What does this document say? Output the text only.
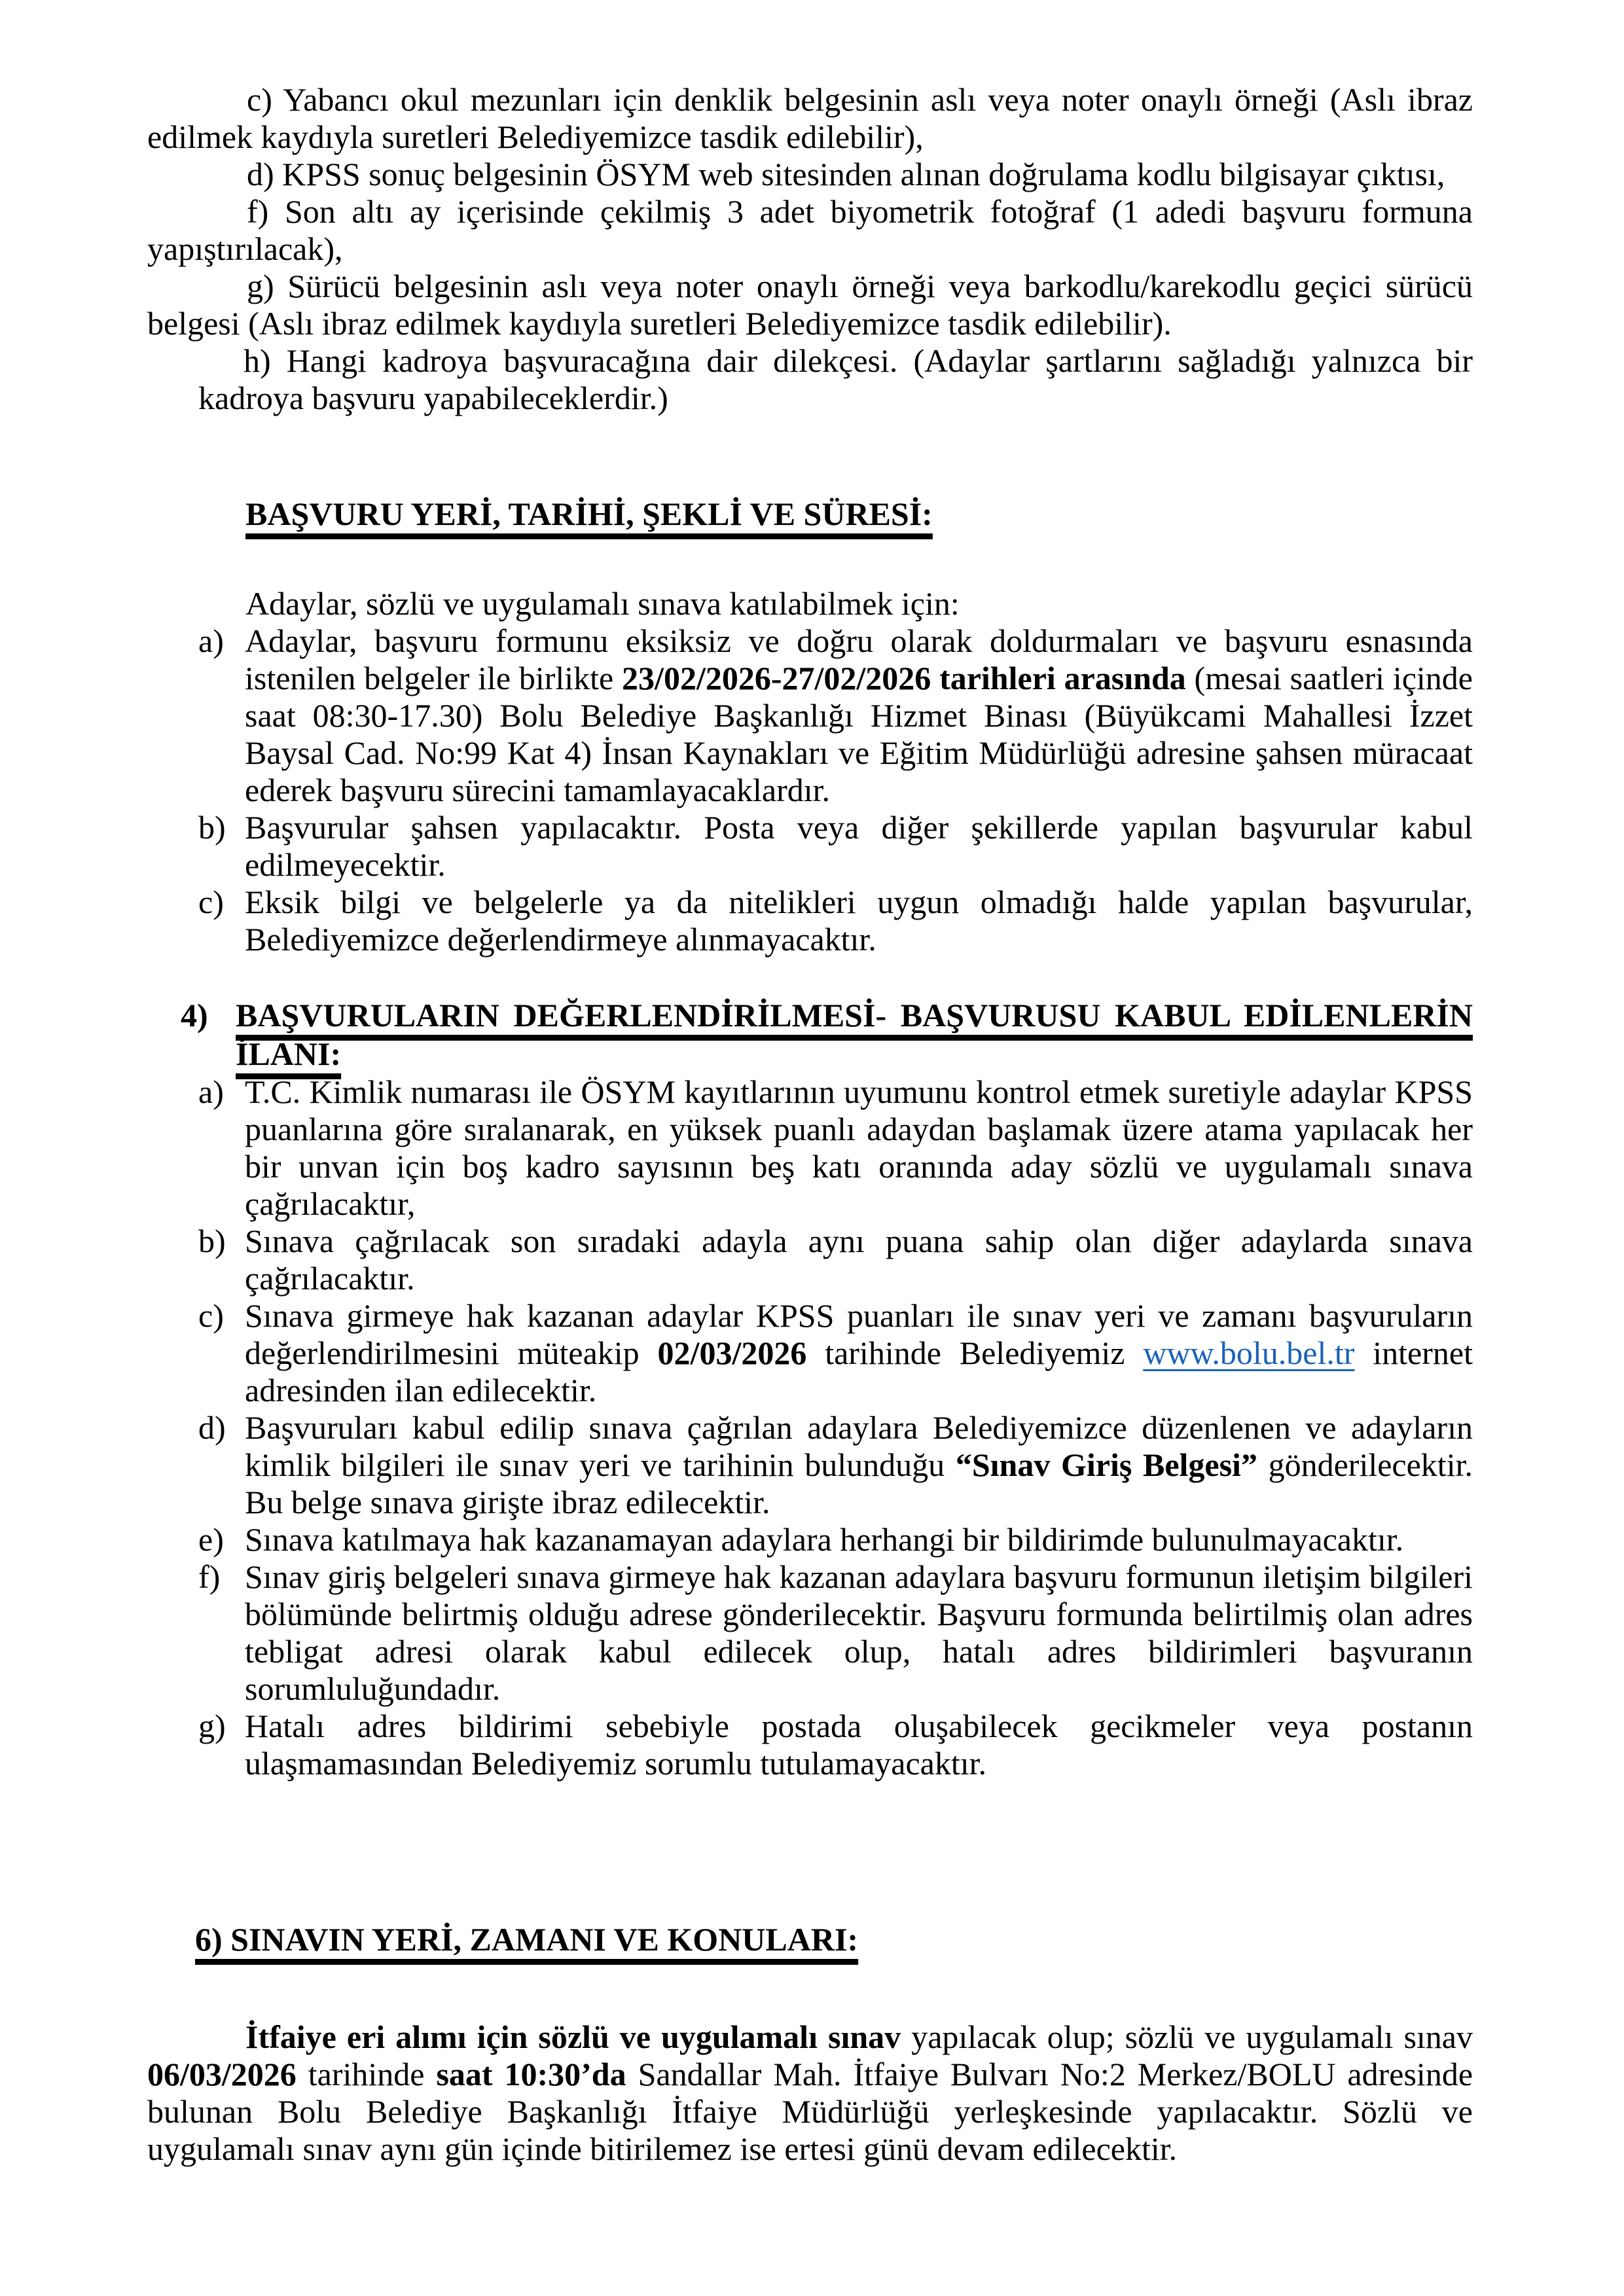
c) Yabancı okul mezunları için denklik belgesinin aslı veya noter onaylı örneği (Aslı ibraz edilmek kaydıyla suretleri Belediyemizce tasdik edilebilir),

d) KPSS sonuç belgesinin ÖSYM web sitesinden alınan doğrulama kodlu bilgisayar çıktısı,

f) Son altı ay içerisinde çekilmiş 3 adet biyometrik fotoğraf (1 adedi başvuru formuna yapıştırılacak),

g) Sürücü belgesinin aslı veya noter onaylı örneği veya barkodlu/karekodlu geçici sürücü belgesi (Aslı ibraz edilmek kaydıyla suretleri Belediyemizce tasdik edilebilir).

h) Hangi kadroya başvuracağına dair dilekçesi. (Adaylar şartlarını sağladığı yalnızca bir kadroya başvuru yapabileceklerdir.)

BAŞVURU YERİ, TARİHİ, ŞEKLİ VE SÜRESİ:

Adaylar, sözlü ve uygulamalı sınava katılabilmek için:

a) Adaylar, başvuru formunu eksiksiz ve doğru olarak doldurmaları ve başvuru esnasında istenilen belgeler ile birlikte 23/02/2026-27/02/2026 tarihleri arasında (mesai saatleri içinde saat 08:30-17.30) Bolu Belediye Başkanlığı Hizmet Binası (Büyükcami Mahallesi İzzet Baysal Cad. No:99 Kat 4) İnsan Kaynakları ve Eğitim Müdürlüğü adresine şahsen müracaat ederek başvuru sürecini tamamlayacaklardır.
b) Başvurular şahsen yapılacaktır. Posta veya diğer şekillerde yapılan başvurular kabul edilmeyecektir.
c) Eksik bilgi ve belgelerle ya da nitelikleri uygun olmadığı halde yapılan başvurular, Belediyemizce değerlendirmeye alınmayacaktır.
4) BAŞVURULARIN DEĞERLENDİRİLMESİ- BAŞVURUSU KABUL EDİLENLERİN
İLANI:
a) T.C. Kimlik numarası ile ÖSYM kayıtlarının uyumunu kontrol etmek suretiyle adaylar KPSS puanlarına göre sıralanarak, en yüksek puanlı adaydan başlamak üzere atama yapılacak her bir unvan için boş kadro sayısının beş katı oranında aday sözlü ve uygulamalı sınava çağrılacaktır,
b) Sınava çağrılacak son sıradaki adayla aynı puana sahip olan diğer adaylarda sınava çağrılacaktır.
c) Sınava girmeye hak kazanan adaylar KPSS puanları ile sınav yeri ve zamanı başvuruların değerlendirilmesini müteakip 02/03/2026 tarihinde Belediyemiz www.bolu.bel.tr internet adresinden ilan edilecektir.
d) Başvuruları kabul edilip sınava çağrılan adaylara Belediyemizce düzenlenen ve adayların kimlik bilgileri ile sınav yeri ve tarihinin bulunduğu “Sınav Giriş Belgesi” gönderilecektir. Bu belge sınava girişte ibraz edilecektir.
e) Sınava katılmaya hak kazanamayan adaylara herhangi bir bildirimde bulunulmayacaktır.
f) Sınav giriş belgeleri sınava girmeye hak kazanan adaylara başvuru formunun iletişim bilgileri bölümünde belirtmiş olduğu adrese gönderilecektir. Başvuru formunda belirtilmiş olan adres tebligat adresi olarak kabul edilecek olup, hatalı adres bildirimleri başvuranın sorumluluğundadır.
g) Hatalı adres bildirimi sebebiyle postada oluşabilecek gecikmeler veya postanın ulaşmamasından Belediyemiz sorumlu tutulamayacaktır.
6) SINAVIN YERİ, ZAMANI VE KONULARI:

İtfaiye eri alımı için sözlü ve uygulamalı sınav yapılacak olup; sözlü ve uygulamalı sınav 06/03/2026 tarihinde saat 10:30’da Sandallar Mah. İtfaiye Bulvarı No:2 Merkez/BOLU adresinde bulunan Bolu Belediye Başkanlığı İtfaiye Müdürlüğü yerleşkesinde yapılacaktır. Sözlü ve uygulamalı sınav aynı gün içinde bitirilemez ise ertesi günü devam edilecektir.
